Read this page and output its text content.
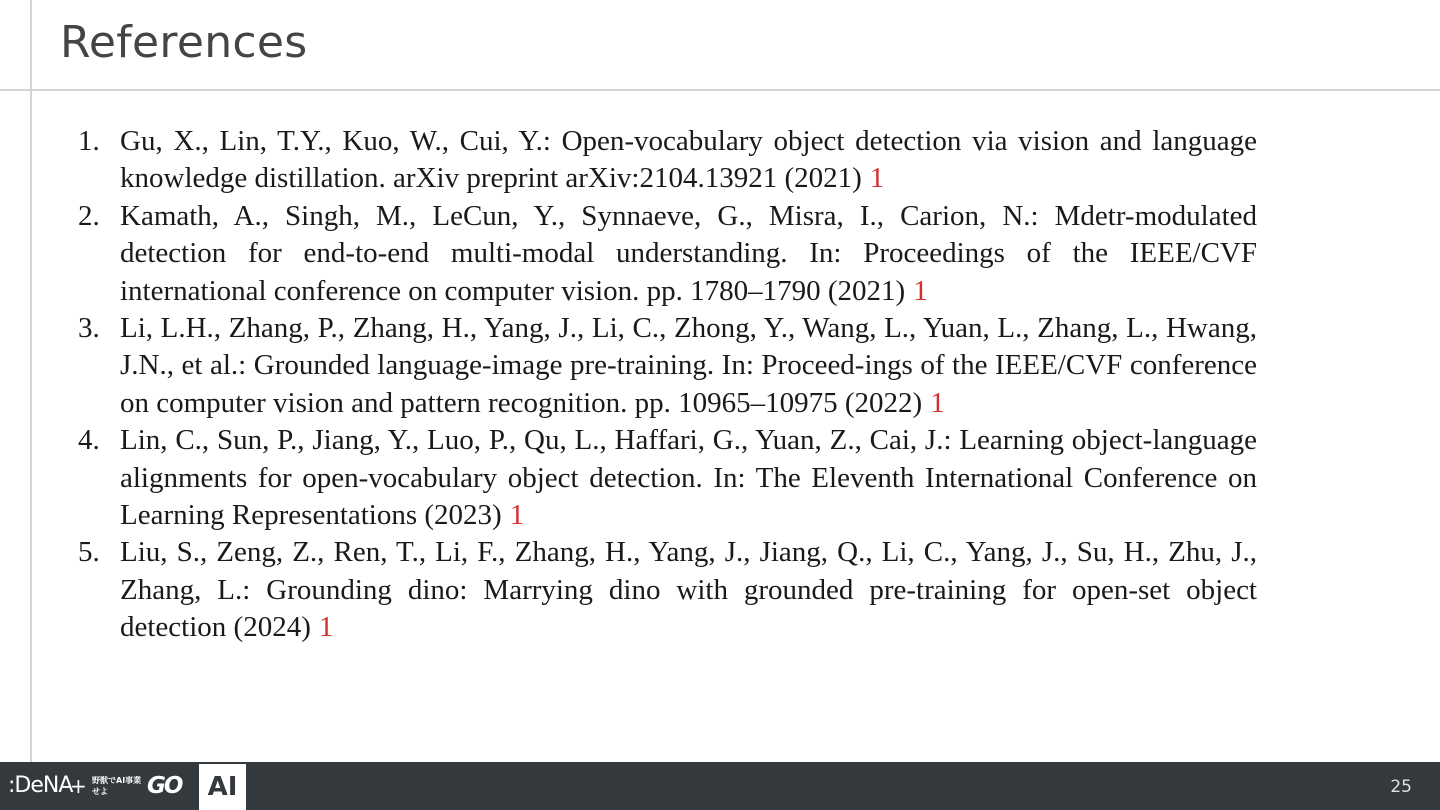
References
1. Gu, X., Lin, T.Y., Kuo, W., Cui, Y.: Open-vocabulary object detection via vision and language knowledge distillation. arXiv preprint arXiv:2104.13921 (2021) 1
2. Kamath, A., Singh, M., LeCun, Y., Synnaeve, G., Misra, I., Carion, N.: Mdetr-modulated detection for end-to-end multi-modal understanding. In: Proceedings of the IEEE/CVF international conference on computer vision. pp. 1780–1790 (2021) 1
3. Li, L.H., Zhang, P., Zhang, H., Yang, J., Li, C., Zhong, Y., Wang, L., Yuan, L., Zhang, L., Hwang, J.N., et al.: Grounded language-image pre-training. In: Proceed-ings of the IEEE/CVF conference on computer vision and pattern recognition. pp. 10965–10975 (2022) 1
4. Lin, C., Sun, P., Jiang, Y., Luo, P., Qu, L., Haffari, G., Yuan, Z., Cai, J.: Learning object-language alignments for open-vocabulary object detection. In: The Eleventh International Conference on Learning Representations (2023) 1
5. Liu, S., Zeng, Z., Ren, T., Li, F., Zhang, H., Yang, J., Jiang, Q., Li, C., Yang, J., Su, H., Zhu, J., Zhang, L.: Grounding dino: Marrying dino with grounded pre-training for open-set object detection (2024) 1
:DeNA
+ 野獣でAI事業せよ	GO	AI	25
